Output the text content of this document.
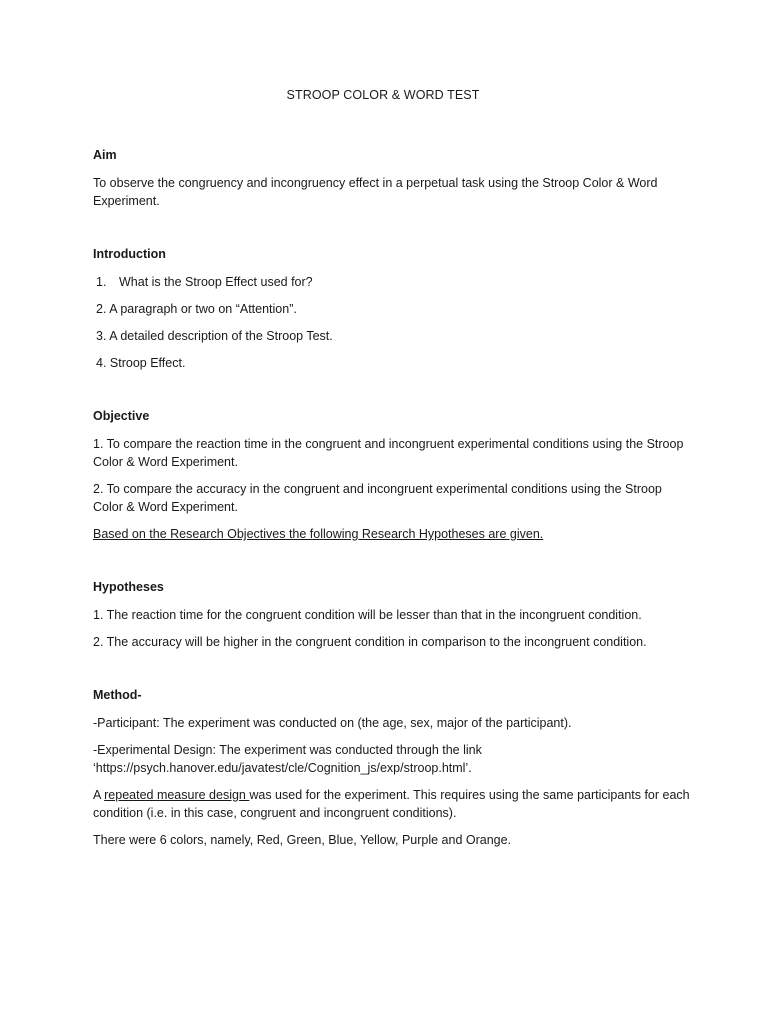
STROOP COLOR & WORD TEST
Aim
To observe the congruency and incongruency effect in a perpetual task using the Stroop Color & Word Experiment.
Introduction
1. What is the Stroop Effect used for?
2. A paragraph or two on “Attention”.
3. A detailed description of the Stroop Test.
4. Stroop Effect.
Objective
1. To compare the reaction time in the congruent and incongruent experimental conditions using the Stroop Color & Word Experiment.
2. To compare the accuracy in the congruent and incongruent experimental conditions using the Stroop Color & Word Experiment.
Based on the Research Objectives the following Research Hypotheses are given.
Hypotheses
1. The reaction time for the congruent condition will be lesser than that in the incongruent condition.
2. The accuracy will be higher in the congruent condition in comparison to the incongruent condition.
Method-
-Participant: The experiment was conducted on (the age, sex, major of the participant).
-Experimental Design: The experiment was conducted through the link ‘https://psych.hanover.edu/javatest/cle/Cognition_js/exp/stroop.html’.
A repeated measure design was used for the experiment. This requires using the same participants for each condition (i.e. in this case, congruent and incongruent conditions).
There were 6 colors, namely, Red, Green, Blue, Yellow, Purple and Orange.
